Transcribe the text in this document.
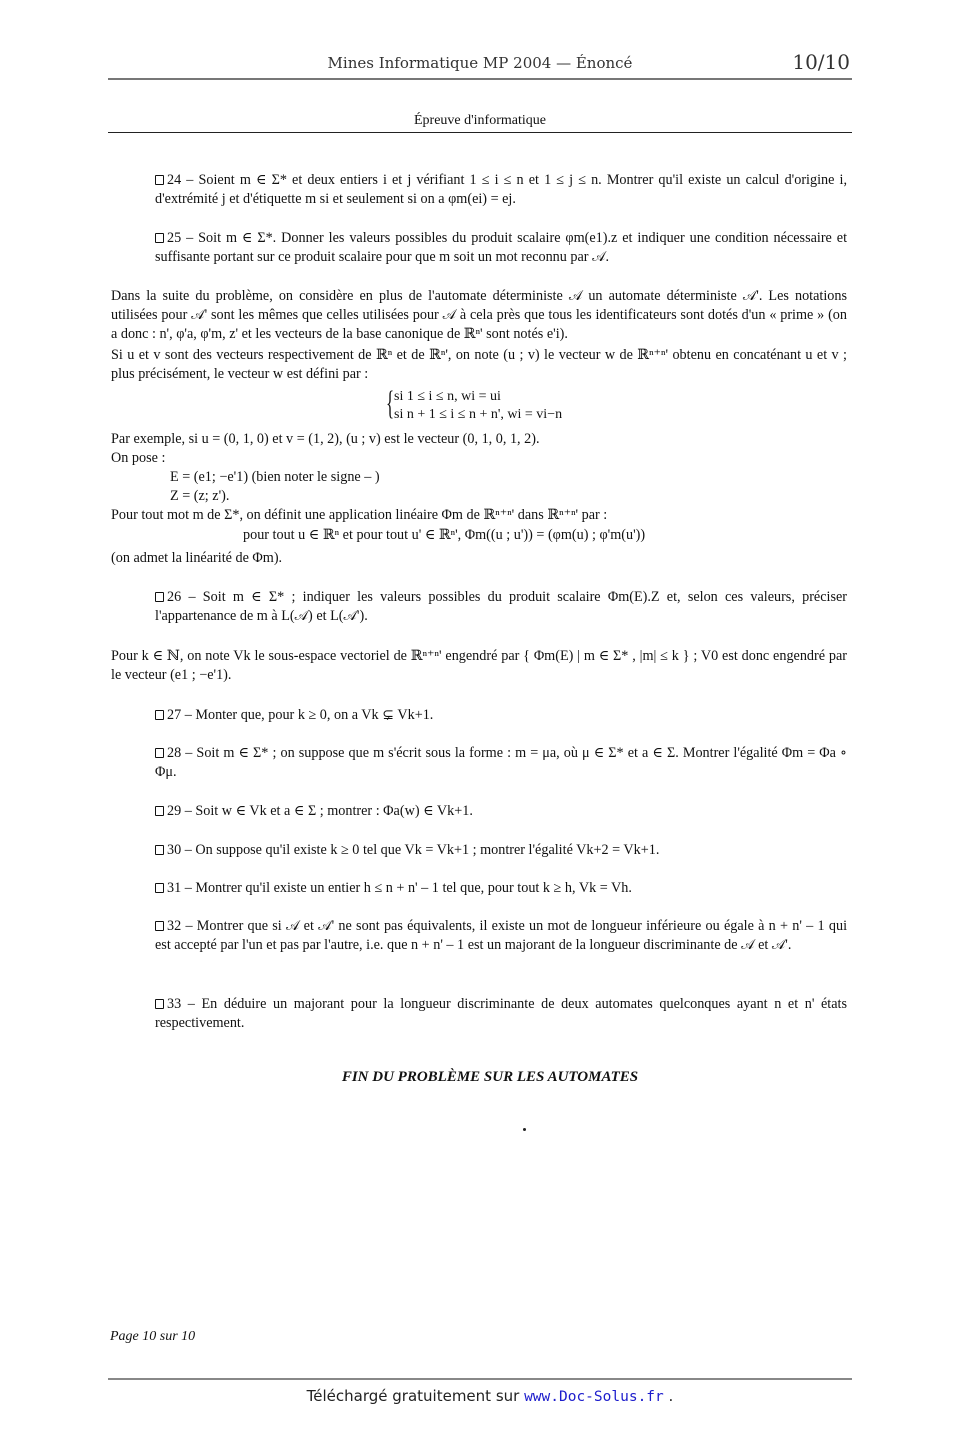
Mines Informatique MP 2004 — Énoncé	10/10
Épreuve d'informatique
24 – Soient m ∈ Σ* et deux entiers i et j vérifiant 1 ≤ i ≤ n et 1 ≤ j ≤ n. Montrer qu'il existe un calcul d'origine i, d'extrémité j et d'étiquette m si et seulement si on a φm(ei) = ej.
25 – Soit m ∈ Σ*. Donner les valeurs possibles du produit scalaire φm(e1).z et indiquer une condition nécessaire et suffisante portant sur ce produit scalaire pour que m soit un mot reconnu par 𝒜.
Dans la suite du problème, on considère en plus de l'automate déterministe 𝒜 un automate déterministe 𝒜'. Les notations utilisées pour 𝒜' sont les mêmes que celles utilisées pour 𝒜 à cela près que tous les identificateurs sont dotés d'un « prime » (on a donc : n', φ'a, φ'm, z' et les vecteurs de la base canonique de ℝⁿ' sont notés e'i).
Si u et v sont des vecteurs respectivement de ℝⁿ et de ℝⁿ', on note (u ; v) le vecteur w de ℝⁿ⁺ⁿ' obtenu en concaténant u et v ; plus précisément, le vecteur w est défini par :
{ si 1 ≤ i ≤ n, wi = ui
si n + 1 ≤ i ≤ n + n', wi = vi−n
Par exemple, si u = (0, 1, 0) et v = (1, 2), (u ; v) est le vecteur (0, 1, 0, 1, 2).
On pose :
E = (e1; −e'1) (bien noter le signe – )
Z = (z; z').
Pour tout mot m de Σ*, on définit une application linéaire Φm de ℝⁿ⁺ⁿ' dans ℝⁿ⁺ⁿ' par :
pour tout u ∈ ℝⁿ et pour tout u' ∈ ℝⁿ', Φm((u ; u')) = (φm(u) ; φ'm(u'))
(on admet la linéarité de Φm).
26 – Soit m ∈ Σ* ; indiquer les valeurs possibles du produit scalaire Φm(E).Z et, selon ces valeurs, préciser l'appartenance de m à L(𝒜) et L(𝒜').
Pour k ∈ ℕ, on note Vk le sous-espace vectoriel de ℝⁿ⁺ⁿ' engendré par { Φm(E) | m ∈ Σ* , |m| ≤ k } ; V0 est donc engendré par le vecteur (e1 ; −e'1).
27 – Monter que, pour k ≥ 0, on a Vk ⊊ Vk+1.
28 – Soit m ∈ Σ* ; on suppose que m s'écrit sous la forme : m = μa, où μ ∈ Σ* et a ∈ Σ. Montrer l'égalité Φm = Φa ∘ Φμ.
29 – Soit w ∈ Vk et a ∈ Σ ; montrer : Φa(w) ∈ Vk+1.
30 – On suppose qu'il existe k ≥ 0 tel que Vk = Vk+1 ; montrer l'égalité Vk+2 = Vk+1.
31 – Montrer qu'il existe un entier h ≤ n + n' – 1 tel que, pour tout k ≥ h, Vk = Vh.
32 – Montrer que si 𝒜 et 𝒜' ne sont pas équivalents, il existe un mot de longueur inférieure ou égale à n + n' – 1 qui est accepté par l'un et pas par l'autre, i.e. que n + n' – 1 est un majorant de la longueur discriminante de 𝒜 et 𝒜'.
33 – En déduire un majorant pour la longueur discriminante de deux automates quelconques ayant n et n' états respectivement.
FIN DU PROBLÈME SUR LES AUTOMATES
Page 10 sur 10
Téléchargé gratuitement sur www.Doc-Solus.fr .
